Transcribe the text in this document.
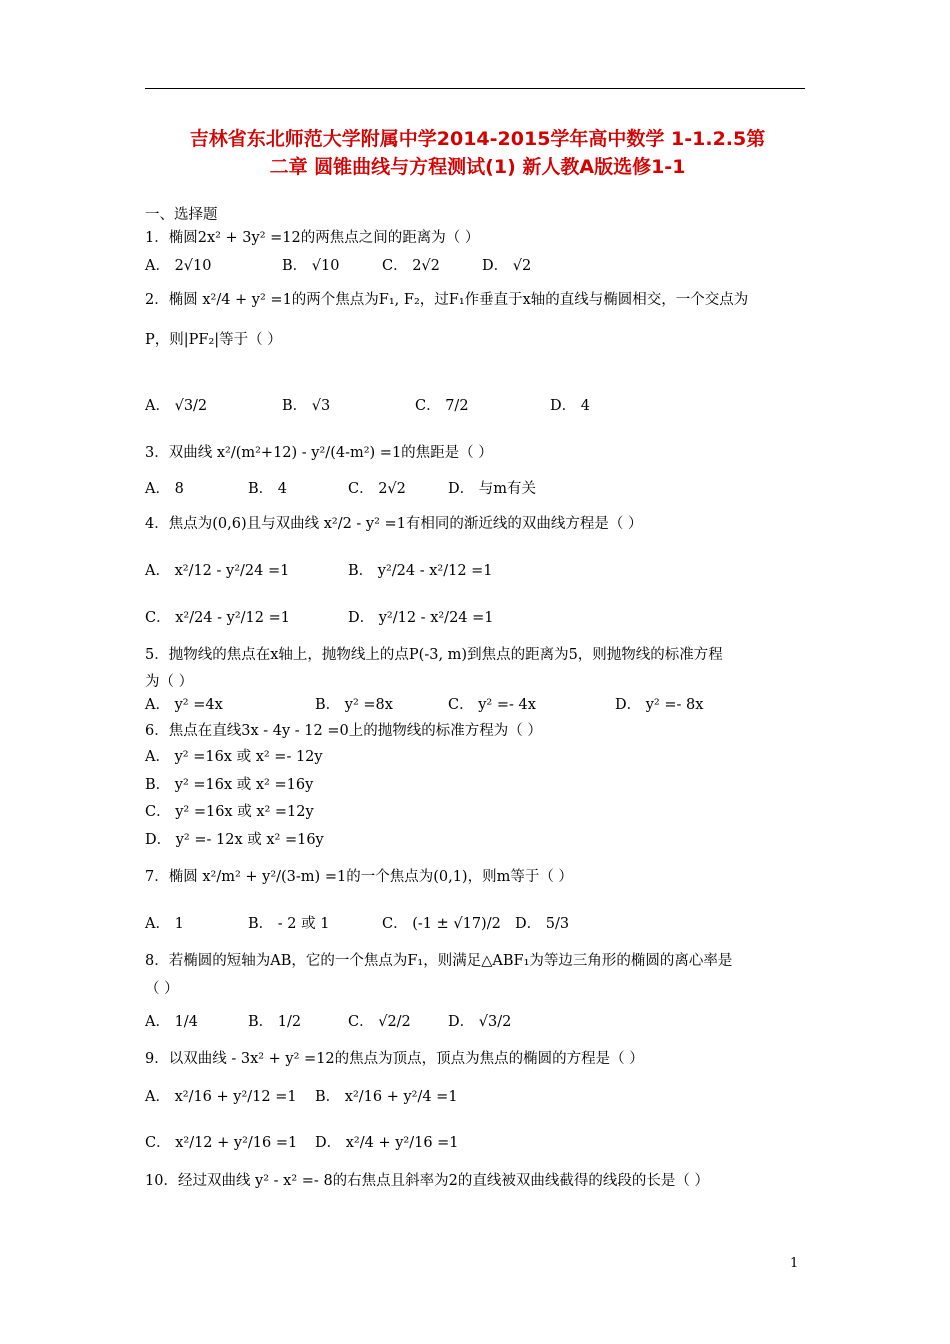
吉林省东北师范大学附属中学2014-2015学年高中数学 1-1.2.5第
二章 圆锥曲线与方程测试(1) 新人教A版选修1-1
一、选择题
1．椭圆2x² + 3y² =12的两焦点之间的距离为（ ）
A． 2√10	B． √10	C． 2√2	D． √2
2．椭圆 x²/4 + y² =1的两个焦点为F₁, F₂，过F₁作垂直于x轴的直线与椭圆相交，一个交点为
P，则|PF₂|等于（ ）
A． √3/2	B． √3	C． 7/2	D． 4
3．双曲线 x²/(m²+12) - y²/(4-m²) =1的焦距是（ ）
A． 8	B． 4	C． 2√2	D． 与m有关
4．焦点为(0,6)且与双曲线 x²/2 - y² =1有相同的渐近线的双曲线方程是（ ）
A． x²/12 - y²/24 =1	B． y²/24 - x²/12 =1
C． x²/24 - y²/12 =1	D． y²/12 - x²/24 =1
5．抛物线的焦点在x轴上，抛物线上的点P(-3, m)到焦点的距离为5，则抛物线的标准方程
为（ ）
A． y² =4x	B． y² =8x	C． y² =- 4x	D． y² =- 8x
6．焦点在直线3x - 4y - 12 =0上的抛物线的标准方程为（ ）
A． y² =16x 或 x² =- 12y
B． y² =16x 或 x² =16y
C． y² =16x 或 x² =12y
D． y² =- 12x 或 x² =16y
7．椭圆 x²/m² + y²/(3-m) =1的一个焦点为(0,1)，则m等于（ ）
A． 1	B． - 2 或 1	C． (-1 ± √17)/2 D． 5/3
8．若椭圆的短轴为AB，它的一个焦点为F₁，则满足△ABF₁为等边三角形的椭圆的离心率是
（ ）
A． 1/4	B． 1/2	C． √2/2	D． √3/2
9．以双曲线 - 3x² + y² =12的焦点为顶点，顶点为焦点的椭圆的方程是（ ）
A． x²/16 + y²/12 =1 B． x²/16 + y²/4 =1
C． x²/12 + y²/16 =1 D． x²/4 + y²/16 =1
10．经过双曲线 y² - x² =- 8的右焦点且斜率为2的直线被双曲线截得的线段的长是（ ）
1
